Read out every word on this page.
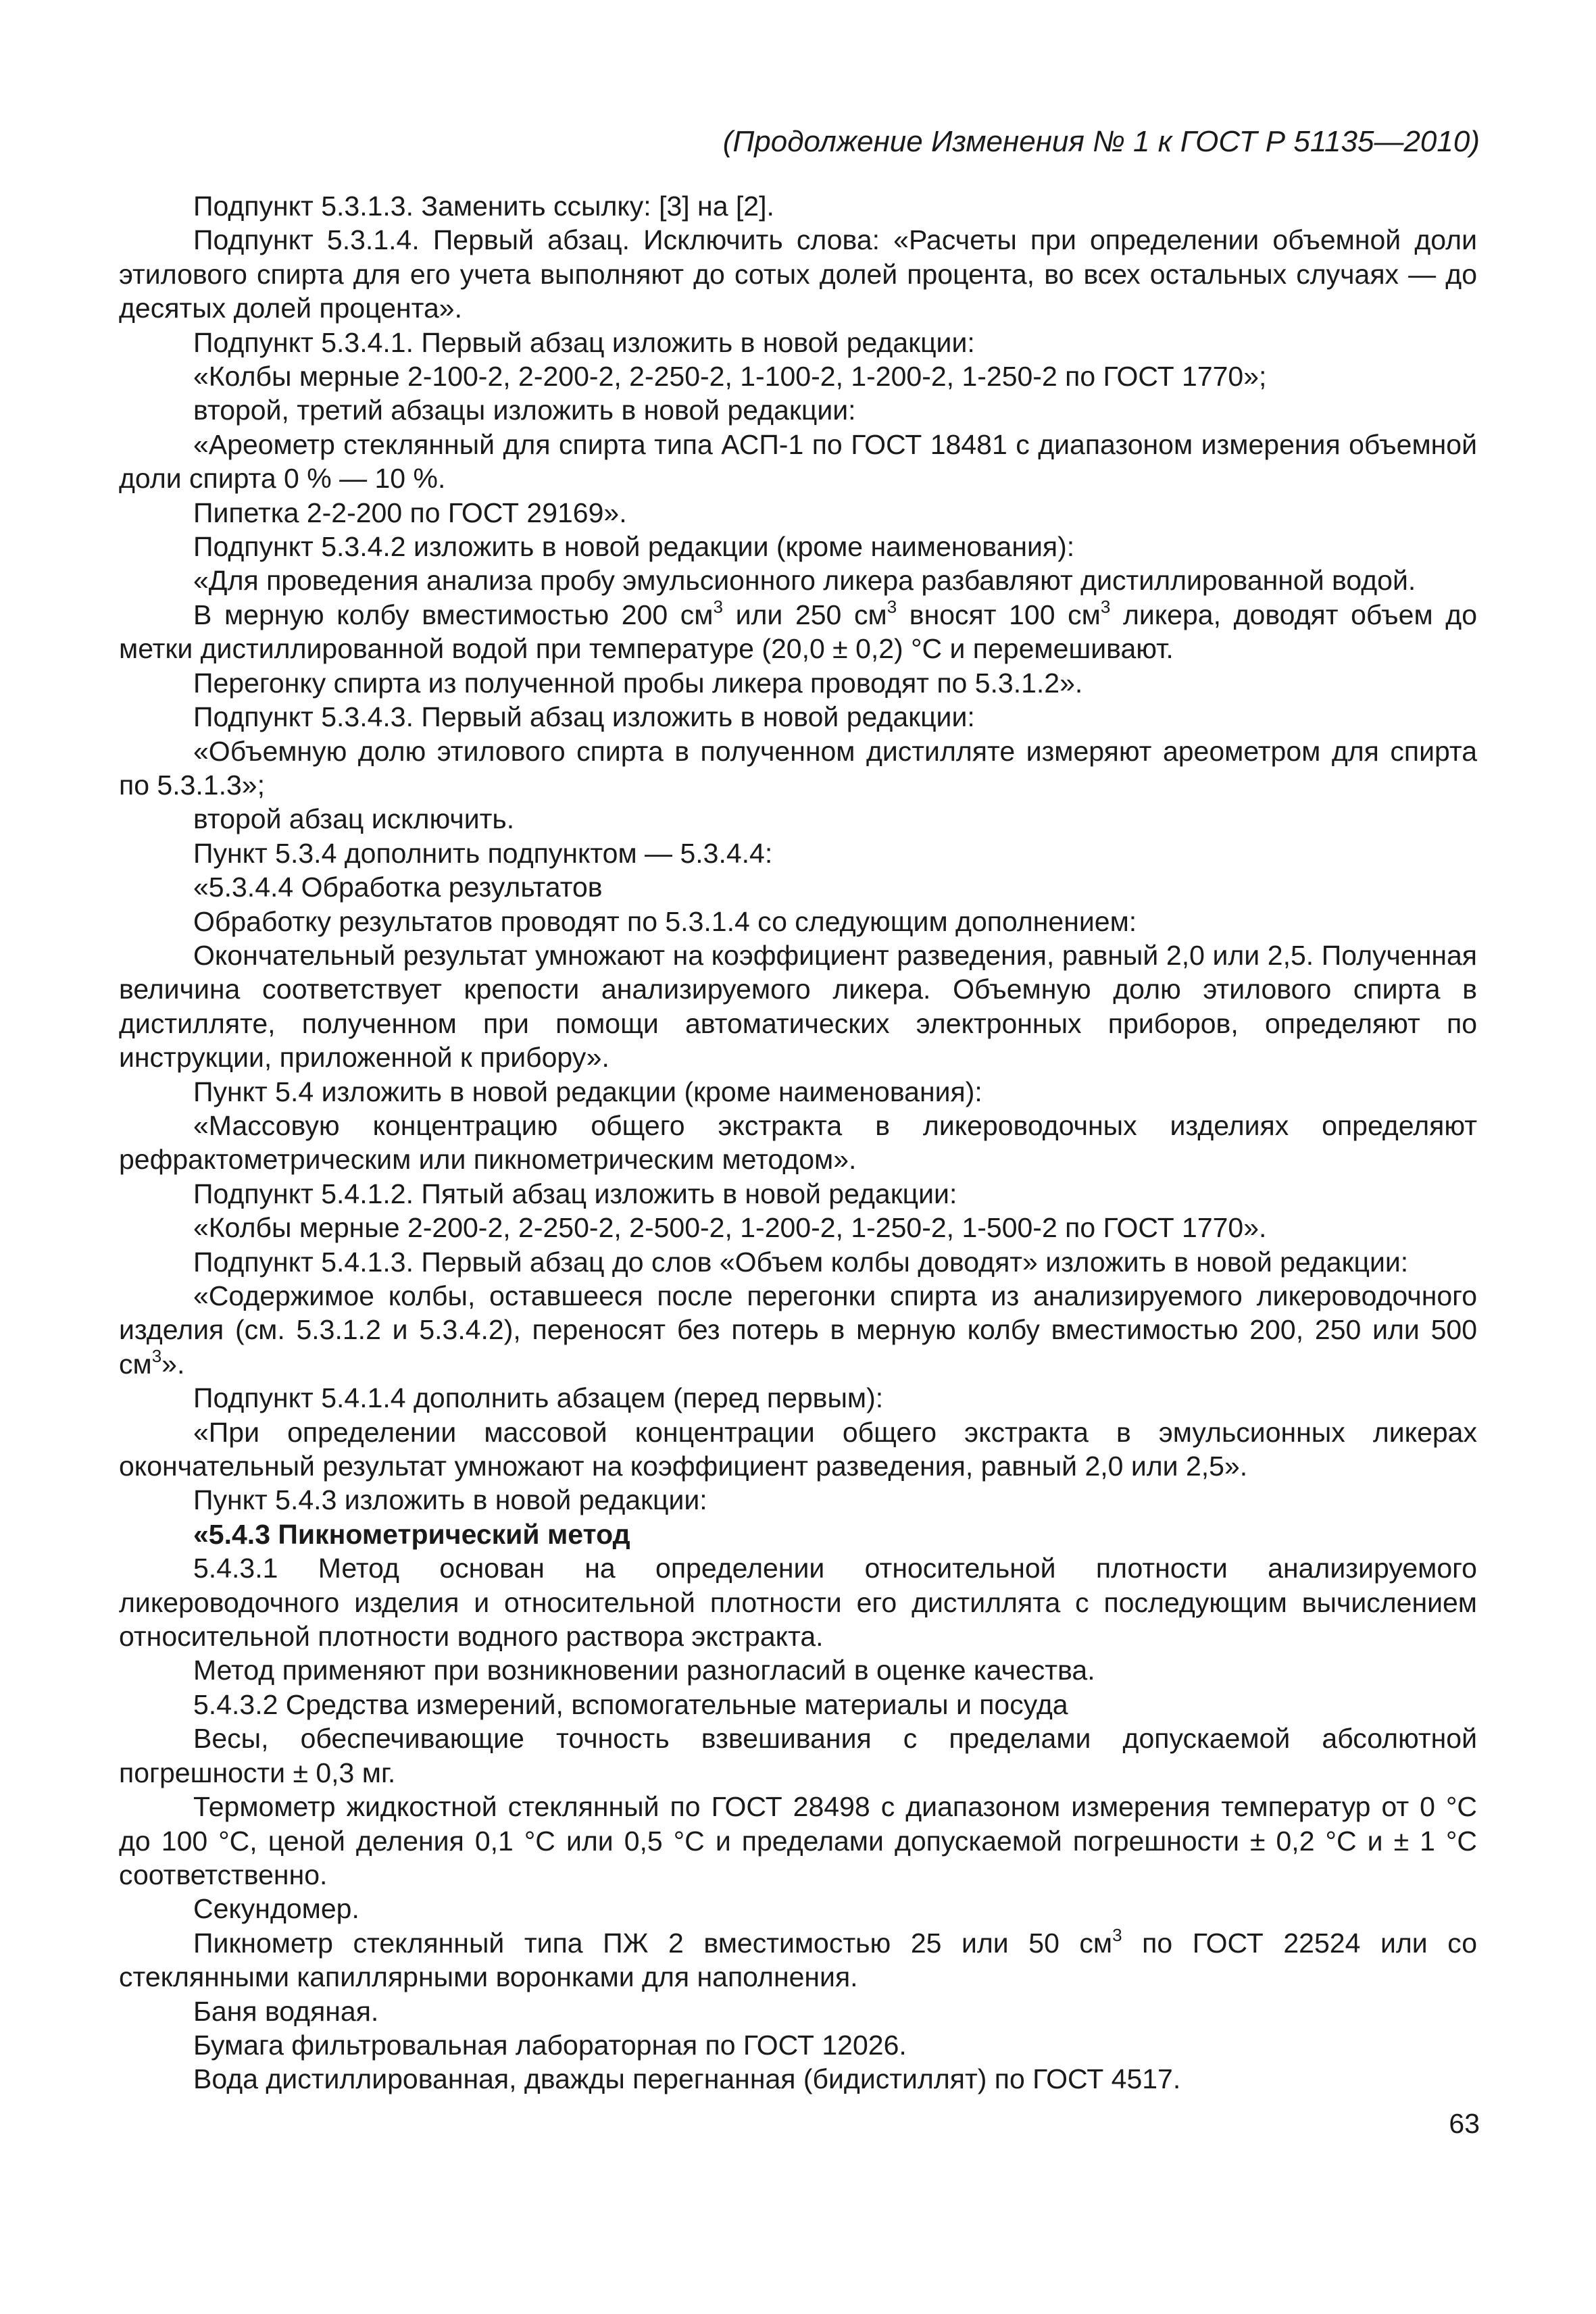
(Продолжение Изменения № 1 к ГОСТ Р 51135—2010)

Подпункт 5.3.1.3. Заменить ссылку: [3] на [2].

Подпункт 5.3.1.4. Первый абзац. Исключить слова: «Расчеты при определении объемной доли этилового спирта для его учета выполняют до сотых долей процента, во всех остальных случаях — до десятых долей процента».

Подпункт 5.3.4.1. Первый абзац изложить в новой редакции:

«Колбы мерные 2-100-2, 2-200-2, 2-250-2, 1-100-2, 1-200-2, 1-250-2 по ГОСТ 1770»;

второй, третий абзацы изложить в новой редакции:

«Ареометр стеклянный для спирта типа АСП-1 по ГОСТ 18481 с диапазоном измерения объемной доли спирта 0 % — 10 %.

Пипетка 2-2-200 по ГОСТ 29169».

Подпункт 5.3.4.2 изложить в новой редакции (кроме наименования):

«Для проведения анализа пробу эмульсионного ликера разбавляют дистиллированной водой.

В мерную колбу вместимостью 200 $см^3$ или 250 $см^3$ вносят 100 $см^3$ ликера, доводят объем до метки дистиллированной водой при температуре (20,0 ± 0,2) °С и перемешивают.

Перегонку спирта из полученной пробы ликера проводят по 5.3.1.2».

Подпункт 5.3.4.3. Первый абзац изложить в новой редакции:

«Объемную долю этилового спирта в полученном дистилляте измеряют ареометром для спирта по 5.3.1.3»;

второй абзац исключить.

Пункт 5.3.4 дополнить подпунктом — 5.3.4.4:

«5.3.4.4 Обработка результатов

Обработку результатов проводят по 5.3.1.4 со следующим дополнением:

Окончательный результат умножают на коэффициент разведения, равный 2,0 или 2,5. Полученная величина соответствует крепости анализируемого ликера. Объемную долю этилового спирта в дистилляте, полученном при помощи автоматических электронных приборов, определяют по инструкции, приложенной к прибору».

Пункт 5.4 изложить в новой редакции (кроме наименования):

«Массовую концентрацию общего экстракта в ликероводочных изделиях определяют рефрактометрическим или пикнометрическим методом».

Подпункт 5.4.1.2. Пятый абзац изложить в новой редакции:

«Колбы мерные 2-200-2, 2-250-2, 2-500-2, 1-200-2, 1-250-2, 1-500-2 по ГОСТ 1770».

Подпункт 5.4.1.3. Первый абзац до слов «Объем колбы доводят» изложить в новой редакции:

«Содержимое колбы, оставшееся после перегонки спирта из анализируемого ликероводочного изделия (см. 5.3.1.2 и 5.3.4.2), переносят без потерь в мерную колбу вместимостью 200, 250 или 500 $см^3$».

Подпункт 5.4.1.4 дополнить абзацем (перед первым):

«При определении массовой концентрации общего экстракта в эмульсионных ликерах окончательный результат умножают на коэффициент разведения, равный 2,0 или 2,5».

Пункт 5.4.3 изложить в новой редакции:

«5.4.3 Пикнометрический метод

5.4.3.1 Метод основан на определении относительной плотности анализируемого ликероводочного изделия и относительной плотности его дистиллята с последующим вычислением относительной плотности водного раствора экстракта.

Метод применяют при возникновении разногласий в оценке качества.

5.4.3.2 Средства измерений, вспомогательные материалы и посуда

Весы, обеспечивающие точность взвешивания с пределами допускаемой абсолютной погрешности ± 0,3 мг.

Термометр жидкостной стеклянный по ГОСТ 28498 с диапазоном измерения температур от 0 °С до 100 °С, ценой деления 0,1 °С или 0,5 °С и пределами допускаемой погрешности ± 0,2 °С и ± 1 °С соответственно.

Секундомер.

Пикнометр стеклянный типа ПЖ 2 вместимостью 25 или 50 $см^3$ по ГОСТ 22524 или со стеклянными капиллярными воронками для наполнения.

Баня водяная.

Бумага фильтровальная лабораторная по ГОСТ 12026.

Вода дистиллированная, дважды перегнанная (бидистиллят) по ГОСТ 4517.

63
